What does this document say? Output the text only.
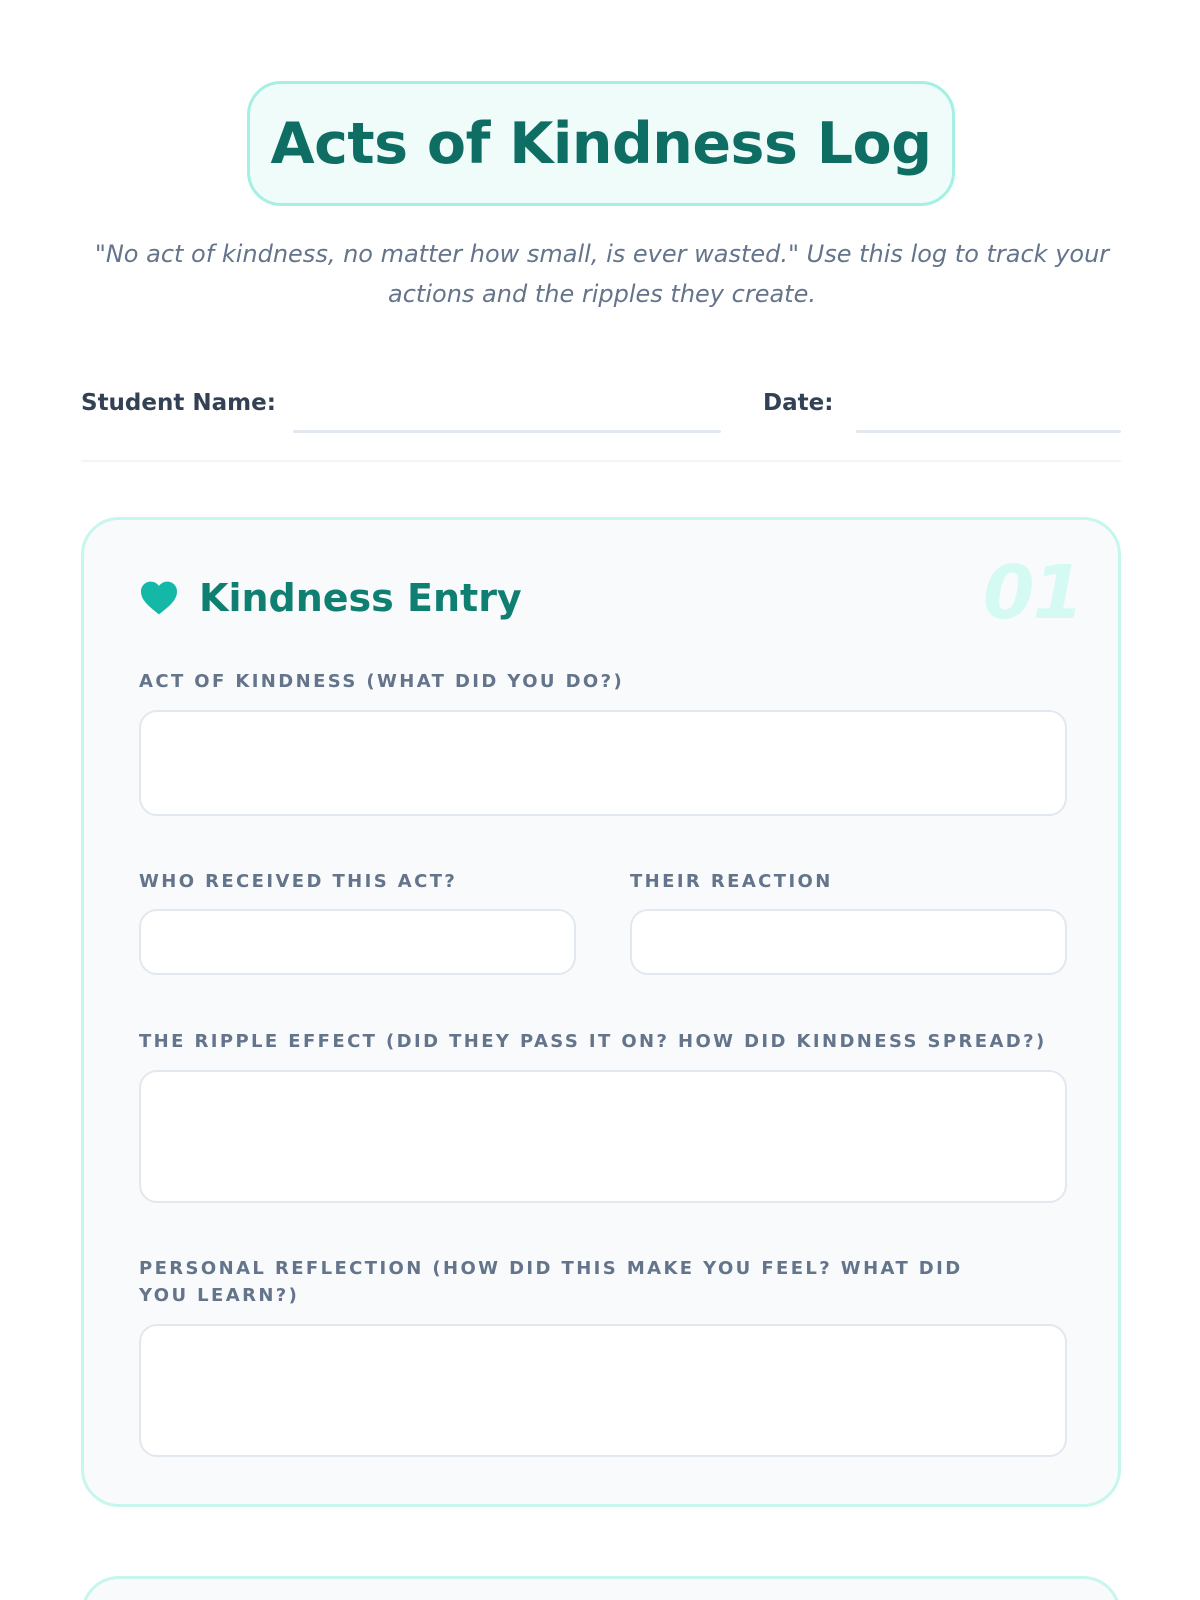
Acts of Kindness Log

"No act of kindness, no matter how small, is ever wasted." Use this log to track your actions and the ripples they create.

Student Name:	Date:
01
Kindness Entry
ACT OF KINDNESS (WHAT DID YOU DO?)
WHO RECEIVED THIS ACT?	THEIR REACTION
THE RIPPLE EFFECT (DID THEY PASS IT ON? HOW DID KINDNESS SPREAD?)
PERSONAL REFLECTION (HOW DID THIS MAKE YOU FEEL? WHAT DID YOU LEARN?)
